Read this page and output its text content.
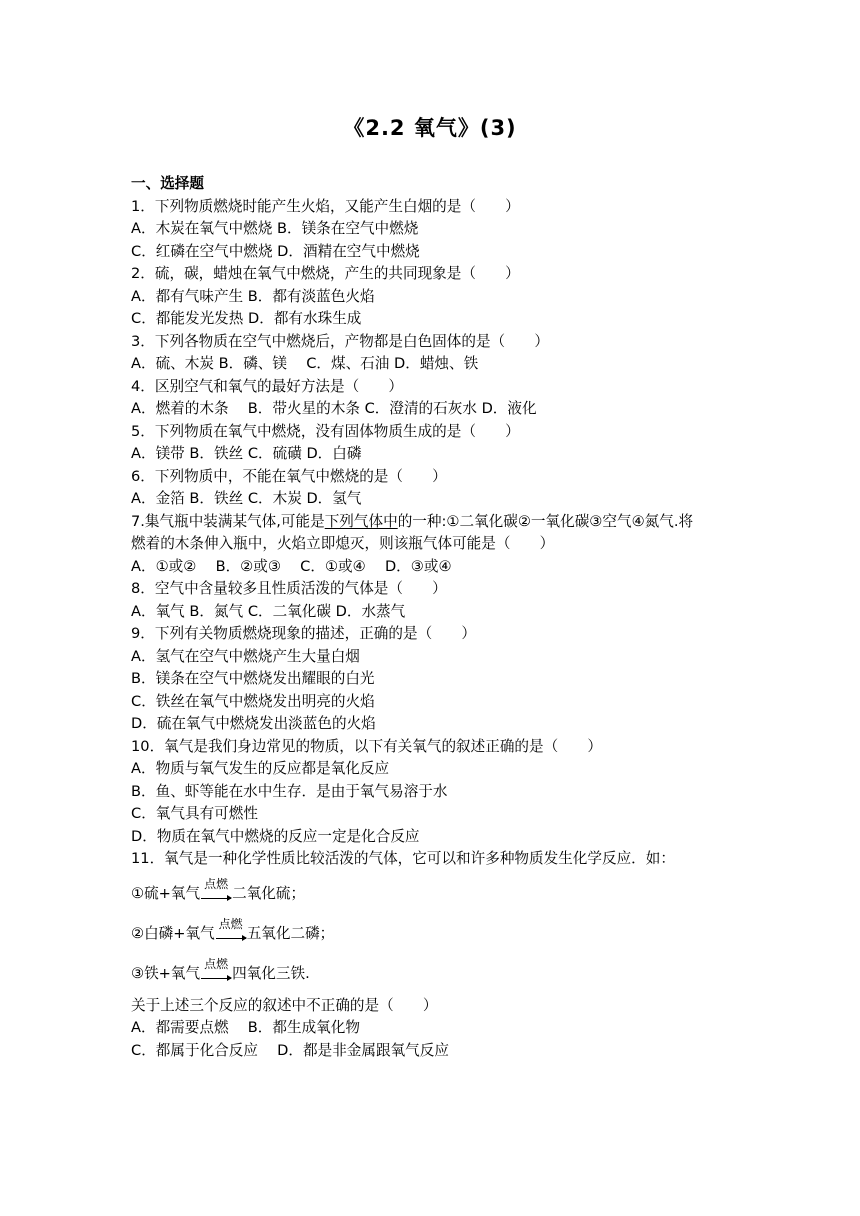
《2.2 氧气》(3)
一、选择题
1．下列物质燃烧时能产生火焰，又能产生白烟的是（　　）
A．木炭在氧气中燃烧 B．镁条在空气中燃烧
C．红磷在空气中燃烧 D．酒精在空气中燃烧
2．硫，碳，蜡烛在氧气中燃烧，产生的共同现象是（　　）
A．都有气味产生 B．都有淡蓝色火焰
C．都能发光发热 D．都有水珠生成
3．下列各物质在空气中燃烧后，产物都是白色固体的是（　　）
A．硫、木炭 B．磷、镁　 C．煤、石油 D．蜡烛、铁
4．区别空气和氧气的最好方法是（　　）
A．燃着的木条　 B．带火星的木条 C．澄清的石灰水 D．液化
5．下列物质在氧气中燃烧，没有固体物质生成的是（　　）
A．镁带 B．铁丝 C．硫磺 D．白磷
6．下列物质中，不能在氧气中燃烧的是（　　）
A．金箔 B．铁丝 C．木炭 D．氢气
7.集气瓶中装满某气体,可能是下列气体中的一种:①二氧化碳②一氧化碳③空气④氮气.将
燃着的木条伸入瓶中，火焰立即熄灭，则该瓶气体可能是（　　）
A．①或②　 B．②或③　 C．①或④　 D．③或④
8．空气中含量较多且性质活泼的气体是（　　）
A．氧气 B．氮气 C．二氧化碳 D．水蒸气
9．下列有关物质燃烧现象的描述，正确的是（　　）
A．氢气在空气中燃烧产生大量白烟
B．镁条在空气中燃烧发出耀眼的白光
C．铁丝在氧气中燃烧发出明亮的火焰
D．硫在氧气中燃烧发出淡蓝色的火焰
10．氧气是我们身边常见的物质，以下有关氧气的叙述正确的是（　　）
A．物质与氧气发生的反应都是氧化反应
B．鱼、虾等能在水中生存．是由于氧气易溶于水
C．氧气具有可燃性
D．物质在氧气中燃烧的反应一定是化合反应
11．氧气是一种化学性质比较活泼的气体，它可以和许多种物质发生化学反应．如：
①硫+氧气
点燃
二氧化硫；
②白磷+氧气
点燃
五氧化二磷；
③铁+氧气
点燃
四氧化三铁.
关于上述三个反应的叙述中不正确的是（　　）
A．都需要点燃　 B．都生成氧化物
C．都属于化合反应　 D．都是非金属跟氧气反应
